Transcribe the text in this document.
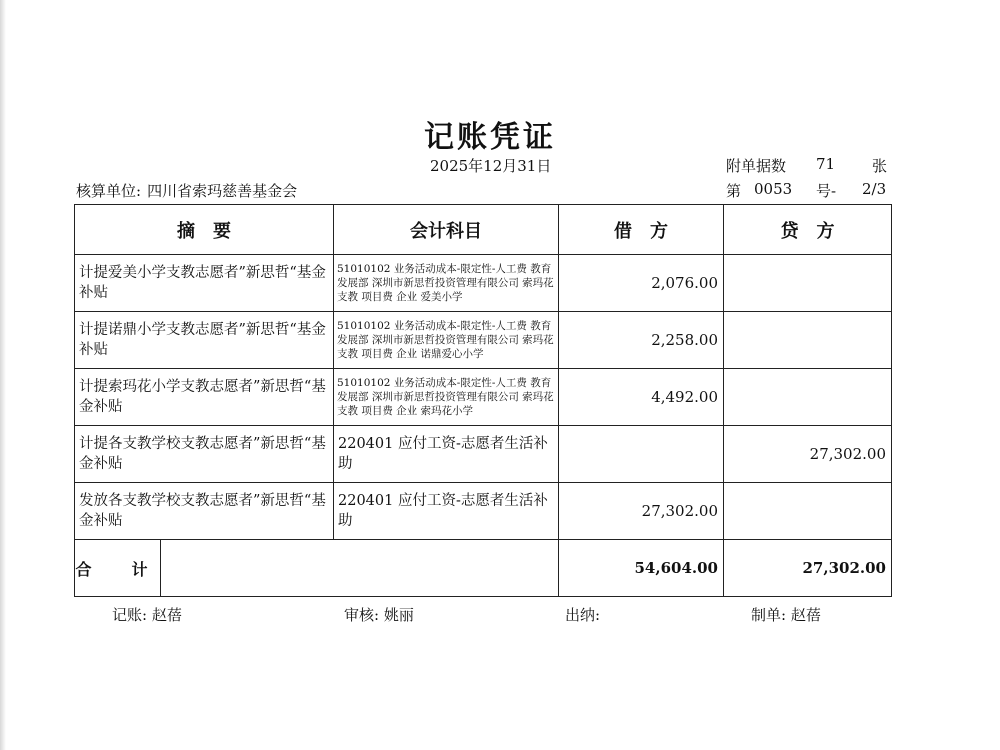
记账凭证
2025年12月31日	附单据数 71 张
核算单位: 四川省索玛慈善基金会	第 0053 号- 2/3
摘　要		会计科目	借　方	贷　方
计提爱美小学支教志愿者”新思哲“基金补贴		51010102 业务活动成本-限定性-人工费 教育发展部 深圳市新思哲投资管理有限公司 索玛花支教 项目费 企业 爱美小学	2,076.00	
计提诺鼎小学支教志愿者”新思哲“基金补贴		51010102 业务活动成本-限定性-人工费 教育发展部 深圳市新思哲投资管理有限公司 索玛花支教 项目费 企业 诺鼎爱心小学	2,258.00	
计提索玛花小学支教志愿者”新思哲“基金补贴		51010102 业务活动成本-限定性-人工费 教育发展部 深圳市新思哲投资管理有限公司 索玛花支教 项目费 企业 索玛花小学	4,492.00	
计提各支教学校支教志愿者”新思哲“基金补贴		220401 应付工资-志愿者生活补助		27,302.00
发放各支教学校支教志愿者”新思哲“基金补贴		220401 应付工资-志愿者生活补助	27,302.00	
合　计			54,604.00	27,302.00
记账: 赵蓓	审核: 姚丽	出纳:	制单: 赵蓓
